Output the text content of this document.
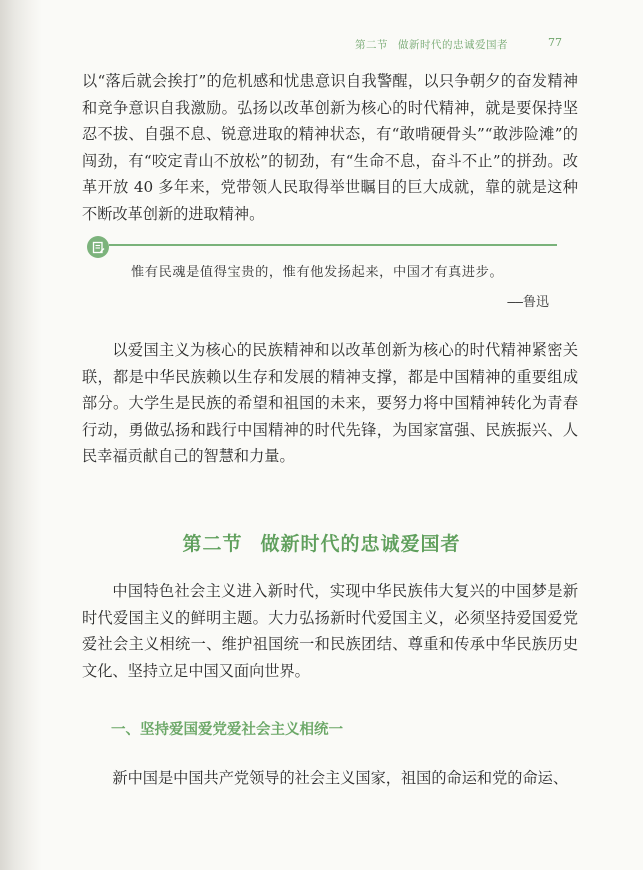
第二节 做新时代的忠诚爱国者	77

以“落后就会挨打”的危机感和忧患意识自我警醒，以只争朝夕的奋发精神和竞争意识自我激励。弘扬以改革创新为核心的时代精神，就是要保持坚忍不拔、自强不息、锐意进取的精神状态，有“敢啃硬骨头”“敢涉险滩”的闯劲，有“咬定青山不放松”的韧劲，有“生命不息，奋斗不止”的拼劲。改革开放 40 多年来，党带领人民取得举世瞩目的巨大成就，靠的就是这种不断改革创新的进取精神。

惟有民魂是值得宝贵的，惟有他发扬起来，中国才有真进步。
——鲁迅

以爱国主义为核心的民族精神和以改革创新为核心的时代精神紧密关联，都是中华民族赖以生存和发展的精神支撑，都是中国精神的重要组成部分。大学生是民族的希望和祖国的未来，要努力将中国精神转化为青春行动，勇做弘扬和践行中国精神的时代先锋，为国家富强、民族振兴、人民幸福贡献自己的智慧和力量。

第二节 做新时代的忠诚爱国者

中国特色社会主义进入新时代，实现中华民族伟大复兴的中国梦是新时代爱国主义的鲜明主题。大力弘扬新时代爱国主义，必须坚持爱国爱党爱社会主义相统一、维护祖国统一和民族团结、尊重和传承中华民族历史文化、坚持立足中国又面向世界。

一、坚持爱国爱党爱社会主义相统一

新中国是中国共产党领导的社会主义国家，祖国的命运和党的命运、
